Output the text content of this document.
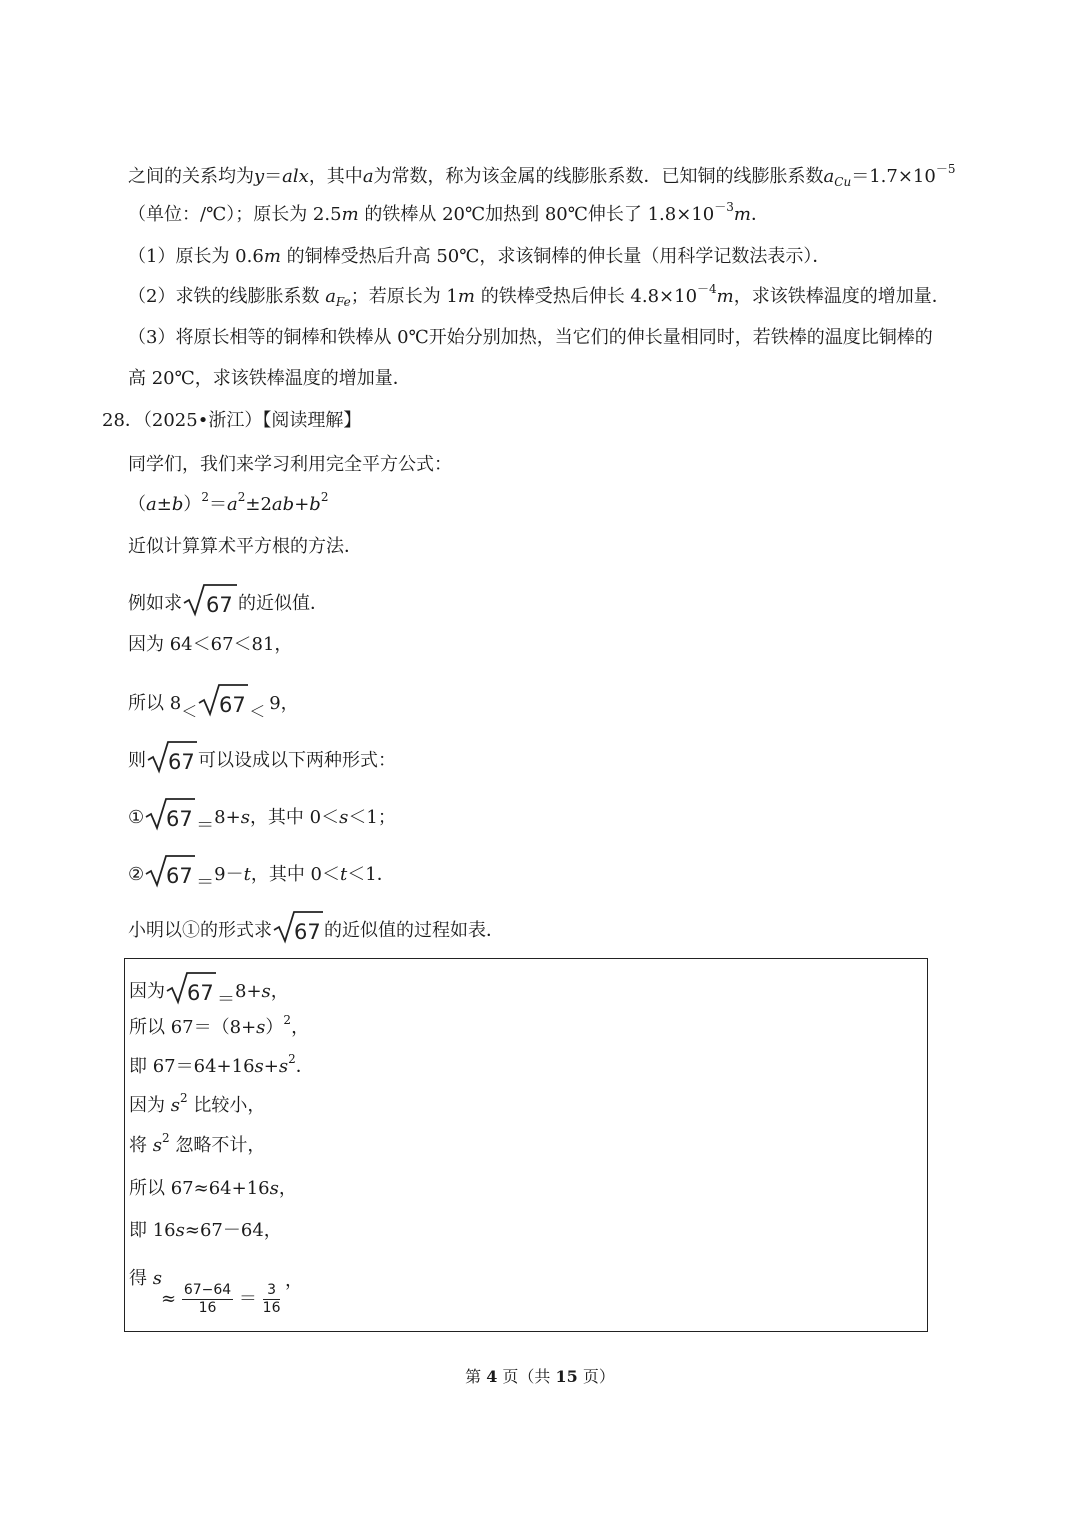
之间的关系均为y＝alx，其中a为常数，称为该金属的线膨胀系数．已知铜的线膨胀系数$a_{Cu}=1.7\times 10^{-5}$
（单位：/℃）；原长为 2.5m 的铁棒从 20℃加热到 80℃伸长了 $1.8\times 10^{-3}m$．
（1）原长为 0.6m 的铜棒受热后升高 50℃，求该铜棒的伸长量（用科学记数法表示）．
（2）求铁的线膨胀系数 $a_{Fe}$；若原长为 1m 的铁棒受热后伸长 $4.8\times 10^{-4}m$，求该铁棒温度的增加量．
（3）将原长相等的铜棒和铁棒从 0℃开始分别加热，当它们的伸长量相同时，若铁棒的温度比铜棒的
高 20℃，求该铁棒温度的增加量．
28．（2025•浙江）【阅读理解】
同学们，我们来学习利用完全平方公式：
$(a\pm b)^2=a^2\pm 2ab+b^2$
近似计算算术平方根的方法．
例如求 67 的近似值．
因为 64＜67＜81，
所以 8＜ 67 ＜ 9，
则 67 可以设成以下两种形式：
① 67 ＝8+s，其中 0＜s＜1；
② 67 ＝9－t，其中 0＜t＜1．
小明以①的形式求 67 的近似值的过程如表．
因为 67 ＝8+s，
所以 $67=(8+s)^2$，
即 $67=64+16s+s^2$．
因为 $s^2$ 比较小，
将 $s^2$ 忽略不计，
所以 67≈64+16s，
即 16s≈67－64，
得 s
≈ $\frac{67-64}{16} = \frac{3}{16}$
，
第 4 页（共 15 页）
